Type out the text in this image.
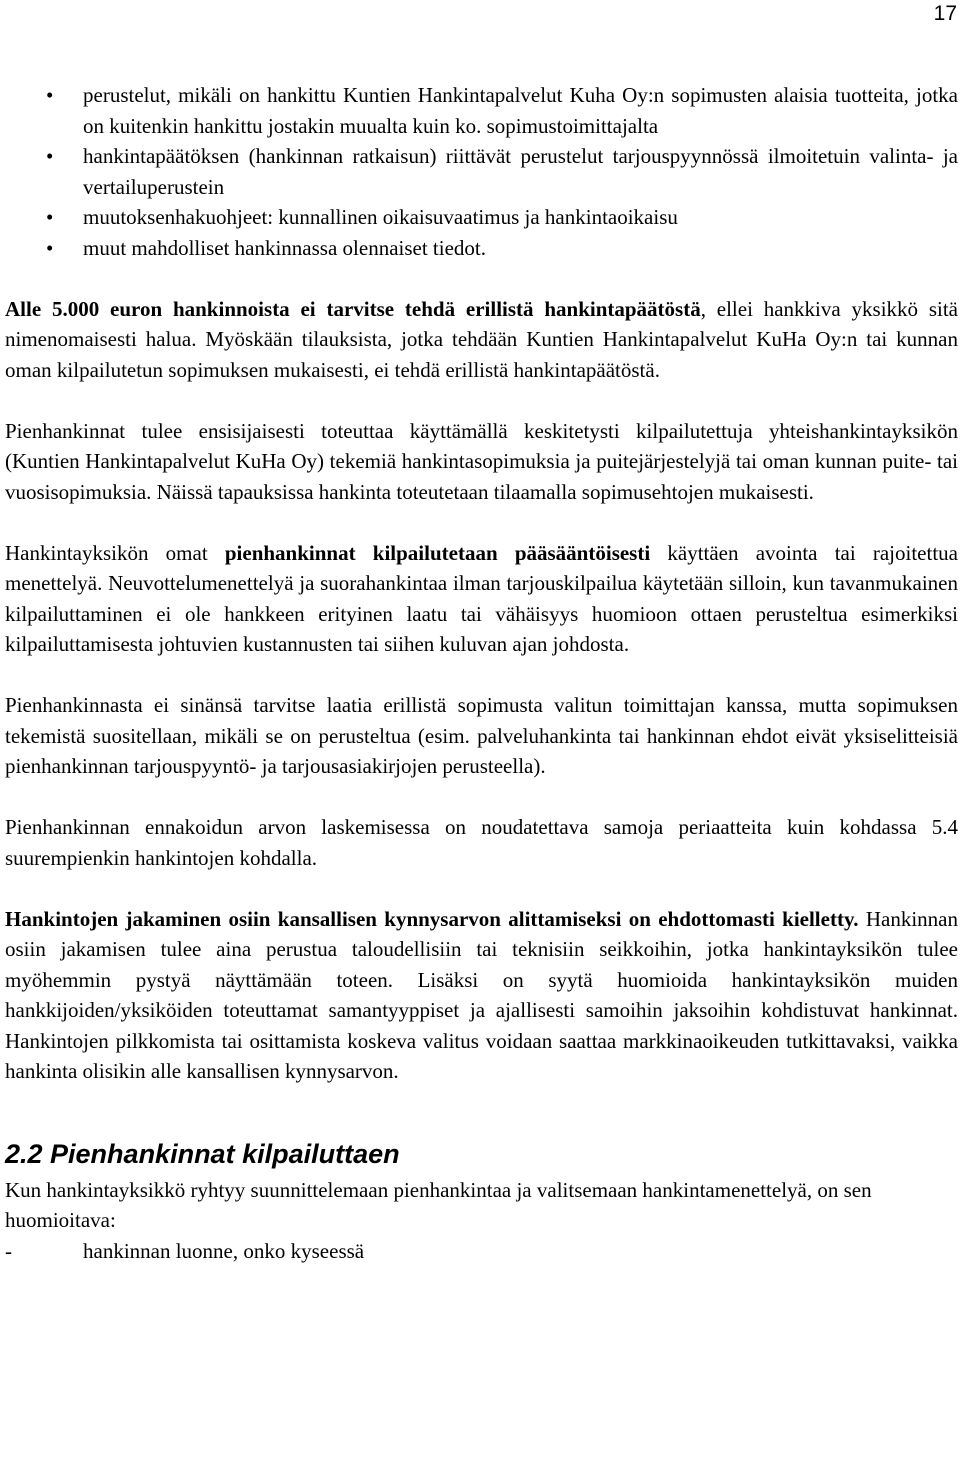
17
• perustelut, mikäli on hankittu Kuntien Hankintapalvelut Kuha Oy:n sopimusten alaisia tuotteita, jotka on kuitenkin hankittu jostakin muualta kuin ko. sopimustoimittajalta
• hankintapäätöksen (hankinnan ratkaisun) riittävät perustelut tarjouspyynnössä ilmoitetuin valinta- ja vertailuperustein
• muutoksenhakuohjeet: kunnallinen oikaisuvaatimus ja hankintaoikaisu
• muut mahdolliset hankinnassa olennaiset tiedot.

Alle 5.000 euron hankinnoista ei tarvitse tehdä erillistä hankintapäätöstä, ellei hankkiva yksikkö sitä nimenomaisesti halua. Myöskään tilauksista, jotka tehdään Kuntien Hankintapalvelut KuHa Oy:n tai kunnan oman kilpailutetun sopimuksen mukaisesti, ei tehdä erillistä hankintapäätöstä.

Pienhankinnat tulee ensisijaisesti toteuttaa käyttämällä keskitetysti kilpailutettuja yhteishankintayksikön (Kuntien Hankintapalvelut KuHa Oy) tekemiä hankintasopimuksia ja puitejärjestelyjä tai oman kunnan puite- tai vuosisopimuksia. Näissä tapauksissa hankinta toteutetaan tilaamalla sopimusehtojen mukaisesti.

Hankintayksikön omat pienhankinnat kilpailutetaan pääsääntöisesti käyttäen avointa tai rajoitettua menettelyä. Neuvottelumenettelyä ja suorahankintaa ilman tarjouskilpailua käytetään silloin, kun tavanmukainen kilpailuttaminen ei ole hankkeen erityinen laatu tai vähäisyys huomioon ottaen perusteltua esimerkiksi kilpailuttamisesta johtuvien kustannusten tai siihen kuluvan ajan johdosta.

Pienhankinnasta ei sinänsä tarvitse laatia erillistä sopimusta valitun toimittajan kanssa, mutta sopimuksen tekemistä suositellaan, mikäli se on perusteltua (esim. palveluhankinta tai hankinnan ehdot eivät yksiselitteisiä pienhankinnan tarjouspyyntö- ja tarjousasiakirjojen perusteella).

Pienhankinnan ennakoidun arvon laskemisessa on noudatettava samoja periaatteita kuin kohdassa 5.4 suurempienkin hankintojen kohdalla.

Hankintojen jakaminen osiin kansallisen kynnysarvon alittamiseksi on ehdottomasti kielletty. Hankinnan osiin jakamisen tulee aina perustua taloudellisiin tai teknisiin seikkoihin, jotka hankintayksikön tulee myöhemmin pystyä näyttämään toteen. Lisäksi on syytä huomioida hankintayksikön muiden hankkijoiden/yksiköiden toteuttamat samantyyppiset ja ajallisesti samoihin jaksoihin kohdistuvat hankinnat. Hankintojen pilkkomista tai osittamista koskeva valitus voidaan saattaa markkinaoikeuden tutkittavaksi, vaikka hankinta olisikin alle kansallisen kynnysarvon.

2.2 Pienhankinnat kilpailuttaen

Kun hankintayksikkö ryhtyy suunnittelemaan pienhankintaa ja valitsemaan hankintamenettelyä, on sen huomioitava:

-	hankinnan luonne, onko kyseessä
